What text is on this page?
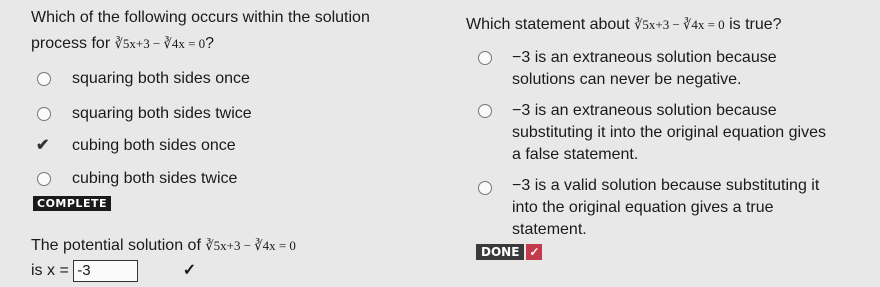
Which of the following occurs within the solution
process for ∛5x+3 − ∛4x = 0?
squaring both sides once
squaring both sides twice
✔ cubing both sides once
cubing both sides twice
COMPLETE
The potential solution of ∛5x+3 − ∛4x = 0
is x = -3	✓
Which statement about ∛5x+3 − ∛4x = 0 is true?
−3 is an extraneous solution because
solutions can never be negative.
−3 is an extraneous solution because
substituting it into the original equation gives
a false statement.
−3 is a valid solution because substituting it
into the original equation gives a true
statement.
DONE ✓
